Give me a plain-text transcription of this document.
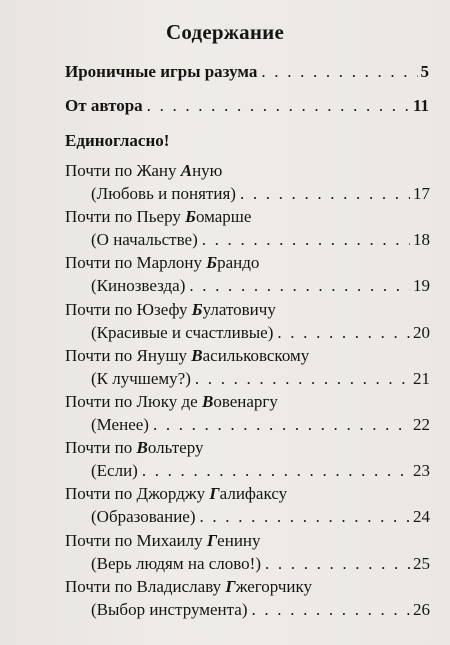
Содержание
Ироничные игры разума . . .	5
От автора . . .	11
Единогласно!
Почти по Жану Аную
(Любовь и понятия) . . .	17
Почти по Пьеру Бомарше
(О начальстве) . . .	18
Почти по Марлону Брандо
(Кинозвезда) . . .	19
Почти по Юзефу Булатовичу
(Красивые и счастливые) . . .	20
Почти по Янушу Васильковскому
(К лучшему?) . . .	21
Почти по Люку де Вовенаргу
(Менее) . . .	22
Почти по Вольтеру
(Если) . . .	23
Почти по Джорджу Галифаксу
(Образование) . . .	24
Почти по Михаилу Генину
(Верь людям на слово!) . . .	25
Почти по Владиславу Гжегорчику
(Выбор инструмента) . . .	26
